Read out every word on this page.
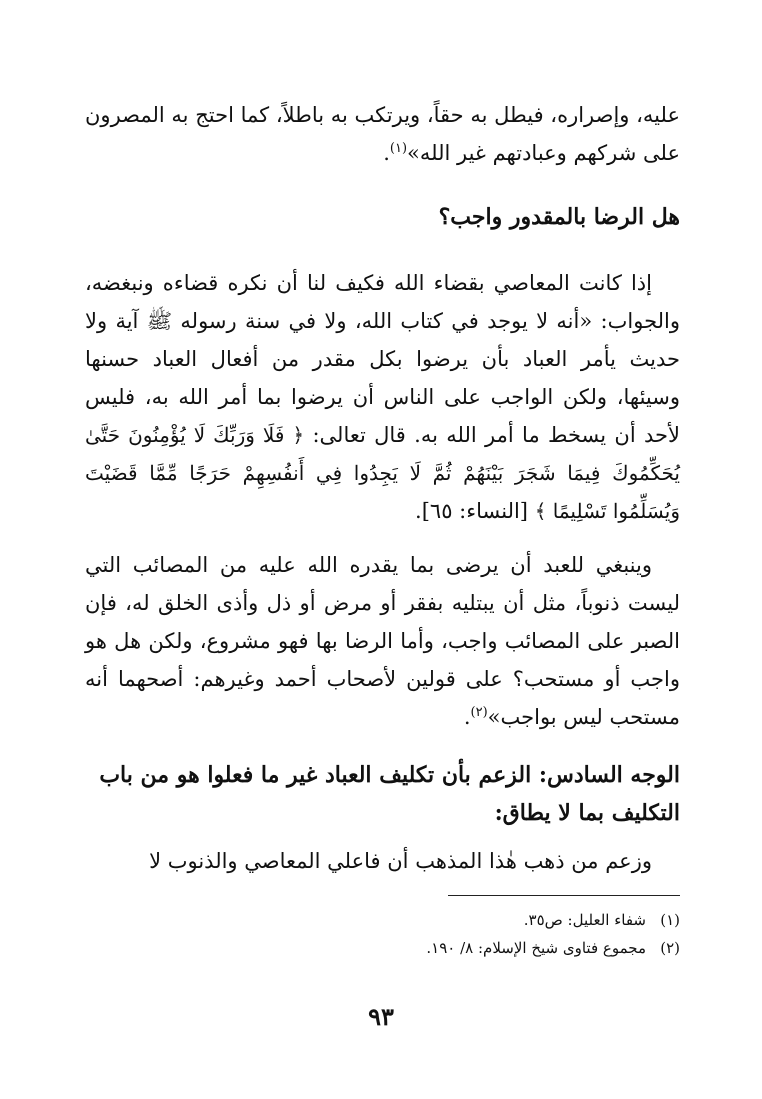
عليه، وإصراره، فيطل به حقاً، ويرتكب به باطلاً، كما احتج به المصرون على شركهم وعبادتهم غير الله»$^{(١)}$.

هل الرضا بالمقدور واجب؟

إذا كانت المعاصي بقضاء الله فكيف لنا أن نكره قضاءه ونبغضه، والجواب: «أنه لا يوجد في كتاب الله، ولا في سنة رسوله ﷺ آية ولا حديث يأمر العباد بأن يرضوا بكل مقدر من أفعال العباد حسنها وسيئها، ولكن الواجب على الناس أن يرضوا بما أمر الله به، فليس لأحد أن يسخط ما أمر الله به. قال تعالى: ﴿ فَلَا وَرَبِّكَ لَا يُؤْمِنُونَ حَتَّىٰ يُحَكِّمُوكَ فِيمَا شَجَرَ بَيْنَهُمْ ثُمَّ لَا يَجِدُوا فِي أَنفُسِهِمْ حَرَجًا مِّمَّا قَضَيْتَ وَيُسَلِّمُوا تَسْلِيمًا ﴾ [النساء: ٦٥].

وينبغي للعبد أن يرضى بما يقدره الله عليه من المصائب التي ليست ذنوباً، مثل أن يبتليه بفقر أو مرض أو ذل وأذى الخلق له، فإن الصبر على المصائب واجب، وأما الرضا بها فهو مشروع، ولكن هل هو واجب أو مستحب؟ على قولين لأصحاب أحمد وغيرهم: أصحهما أنه مستحب ليس بواجب»$^{(٢)}$.

الوجه السادس: الزعم بأن تكليف العباد غير ما فعلوا هو من باب التكليف بما لا يطاق:

وزعم من ذهب هٰذا المذهب أن فاعلي المعاصي والذنوب لا

(١)شفاء العليل: ص٣٥.

(٢)مجموع فتاوى شيخ الإسلام: ٨/ ١٩٠.

٩٣
